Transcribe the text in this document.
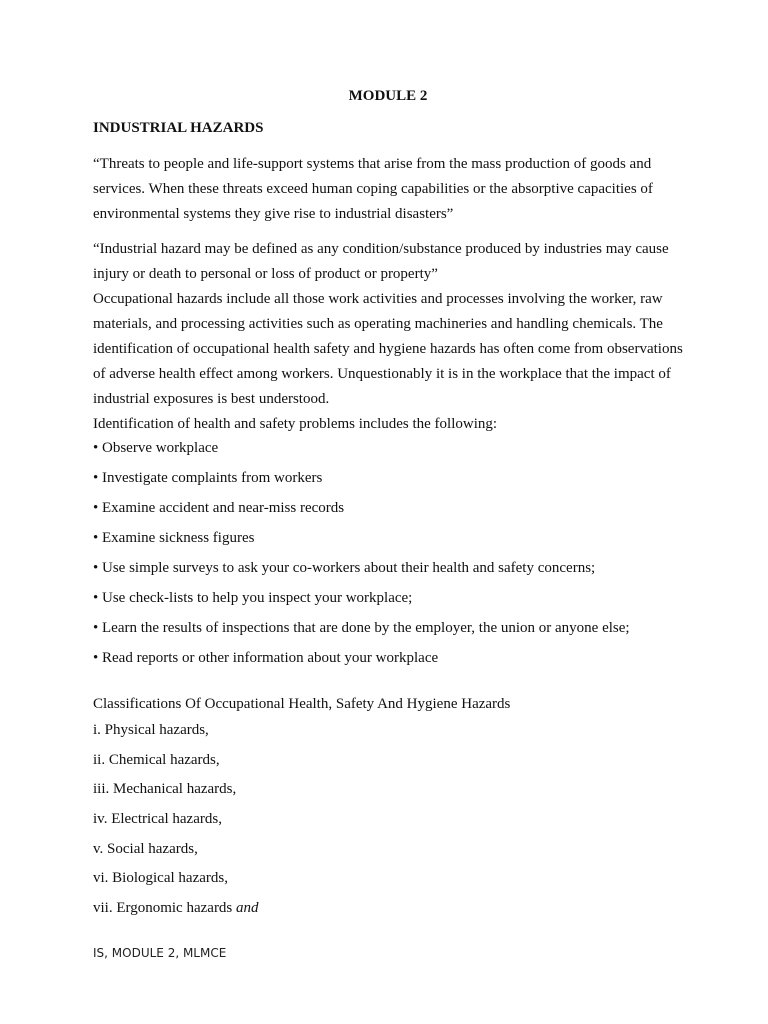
MODULE 2
INDUSTRIAL HAZARDS

“Threats to people and life-support systems that arise from the mass production of goods and services. When these threats exceed human coping capabilities or the absorptive capacities of environmental systems they give rise to industrial disasters”

“Industrial hazard may be defined as any condition/substance produced by industries may cause injury or death to personal or loss of product or property”

Occupational hazards include all those work activities and processes involving the worker, raw materials, and processing activities such as operating machineries and handling chemicals. The identification of occupational health safety and hygiene hazards has often come from observations of adverse health effect among workers. Unquestionably it is in the workplace that the impact of industrial exposures is best understood.

Identification of health and safety problems includes the following:

• Observe workplace
• Investigate complaints from workers
• Examine accident and near-miss records
• Examine sickness figures
• Use simple surveys to ask your co-workers about their health and safety concerns;
• Use check-lists to help you inspect your workplace;
• Learn the results of inspections that are done by the employer, the union or anyone else;
• Read reports or other information about your workplace
Classifications Of Occupational Health, Safety And Hygiene Hazards
i. Physical hazards,
ii. Chemical hazards,
iii. Mechanical hazards,
iv. Electrical hazards,
v. Social hazards,
vi. Biological hazards,
vii. Ergonomic hazards and
IS, MODULE 2, MLMCE
